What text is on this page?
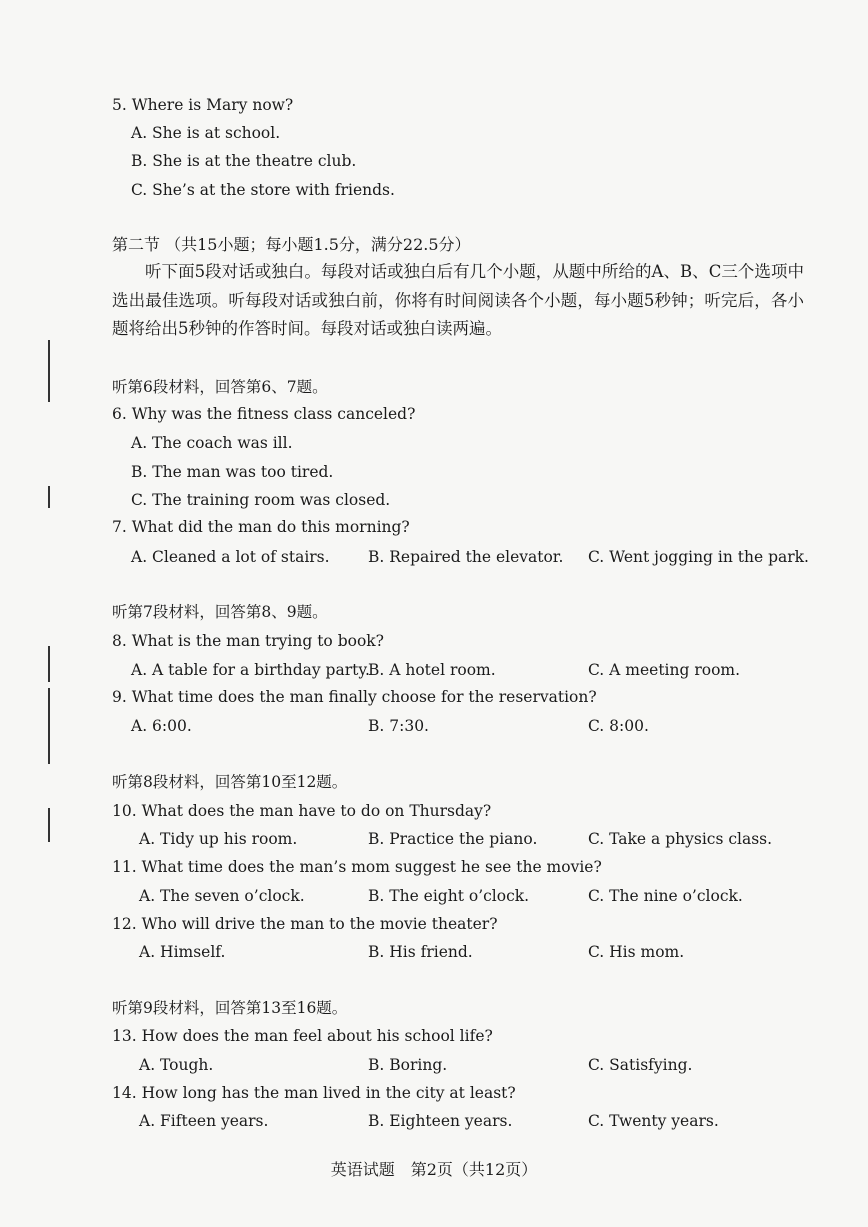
5. Where is Mary now?
A. She is at school.
B. She is at the theatre club.
C. She’s at the store with friends.
第二节 （共15小题；每小题1.5分，满分22.5分）
听下面5段对话或独白。每段对话或独白后有几个小题，从题中所给的A、B、C三个选项中选出最佳选项。听每段对话或独白前，你将有时间阅读各个小题，每小题5秒钟；听完后，各小题将给出5秒钟的作答时间。每段对话或独白读两遍。
听第6段材料，回答第6、7题。
6. Why was the fitness class canceled?
A. The coach was ill.
B. The man was too tired.
C. The training room was closed.
7. What did the man do this morning?
A. Cleaned a lot of stairs. B. Repaired the elevator. C. Went jogging in the park.
听第7段材料，回答第8、9题。
8. What is the man trying to book?
A. A table for a birthday party.
B. A hotel room.	C. A meeting room.
9. What time does the man finally choose for the reservation?
A. 6:00.	B. 7:30.	C. 8:00.
听第8段材料，回答第10至12题。
10. What does the man have to do on Thursday?
A. Tidy up his room.	B. Practice the piano.	C. Take a physics class.
11. What time does the man’s mom suggest he see the movie?
A. The seven o’clock.	B. The eight o’clock.	C. The nine o’clock.
12. Who will drive the man to the movie theater?
A. Himself.	B. His friend.	C. His mom.
听第9段材料，回答第13至16题。
13. How does the man feel about his school life?
A. Tough.	B. Boring.	C. Satisfying.
14. How long has the man lived in the city at least?
A. Fifteen years.	B. Eighteen years.	C. Twenty years.
英语试题　第2页（共12页）
